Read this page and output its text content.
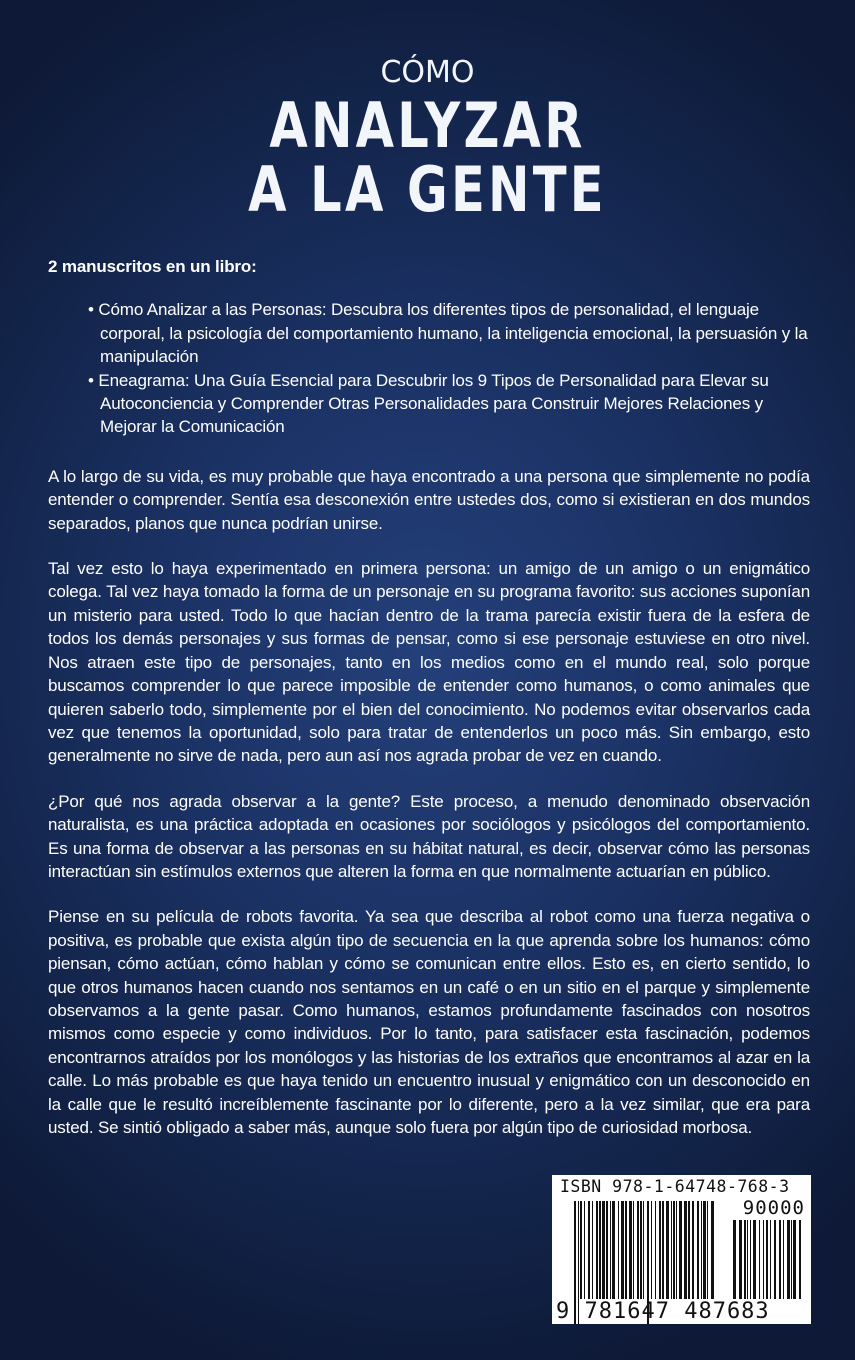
CÓMO
ANALYZAR
A LA GENTE

2 manuscritos en un libro:

• Cómo Analizar a las Personas: Descubra los diferentes tipos de personalidad, el lenguaje corporal, la psicología del comportamiento humano, la inteligencia emocional, la persuasión y la manipulación
• Eneagrama: Una Guía Esencial para Descubrir los 9 Tipos de Personalidad para Elevar su Autoconciencia y Comprender Otras Personalidades para Construir Mejores Relaciones y Mejorar la Comunicación

A lo largo de su vida, es muy probable que haya encontrado a una persona que simplemente no podía entender o comprender. Sentía esa desconexión entre ustedes dos, como si existieran en dos mundos separados, planos que nunca podrían unirse.

Tal vez esto lo haya experimentado en primera persona: un amigo de un amigo o un enigmático colega. Tal vez haya tomado la forma de un personaje en su programa favorito: sus acciones suponían un misterio para usted. Todo lo que hacían dentro de la trama parecía existir fuera de la esfera de todos los demás personajes y sus formas de pensar, como si ese personaje estuviese en otro nivel. Nos atraen este tipo de personajes, tanto en los medios como en el mundo real, solo porque buscamos comprender lo que parece imposible de entender como humanos, o como animales que quieren saberlo todo, simplemente por el bien del conocimiento. No podemos evitar observarlos cada vez que tenemos la oportunidad, solo para tratar de entenderlos un poco más. Sin embargo, esto generalmente no sirve de nada, pero aun así nos agrada probar de vez en cuando.

¿Por qué nos agrada observar a la gente? Este proceso, a menudo denominado observación naturalista, es una práctica adoptada en ocasiones por sociólogos y psicólogos del comportamiento. Es una forma de observar a las personas en su hábitat natural, es decir, observar cómo las personas interactúan sin estímulos externos que alteren la forma en que normalmente actuarían en público.

Piense en su película de robots favorita. Ya sea que describa al robot como una fuerza negativa o positiva, es probable que exista algún tipo de secuencia en la que aprenda sobre los humanos: cómo piensan, cómo actúan, cómo hablan y cómo se comunican entre ellos. Esto es, en cierto sentido, lo que otros humanos hacen cuando nos sentamos en un café o en un sitio en el parque y simplemente observamos a la gente pasar. Como humanos, estamos profundamente fascinados con nosotros mismos como especie y como individuos. Por lo tanto, para satisfacer esta fascinación, podemos encontrarnos atraídos por los monólogos y las historias de los extraños que encontramos al azar en la calle. Lo más probable es que haya tenido un encuentro inusual y enigmático con un desconocido en la calle que le resultó increíblemente fascinante por lo diferente, pero a la vez similar, que era para usted. Se sintió obligado a saber más, aunque solo fuera por algún tipo de curiosidad morbosa.

ISBN 978-1-64748-768-3
90000
9 781647 487683
